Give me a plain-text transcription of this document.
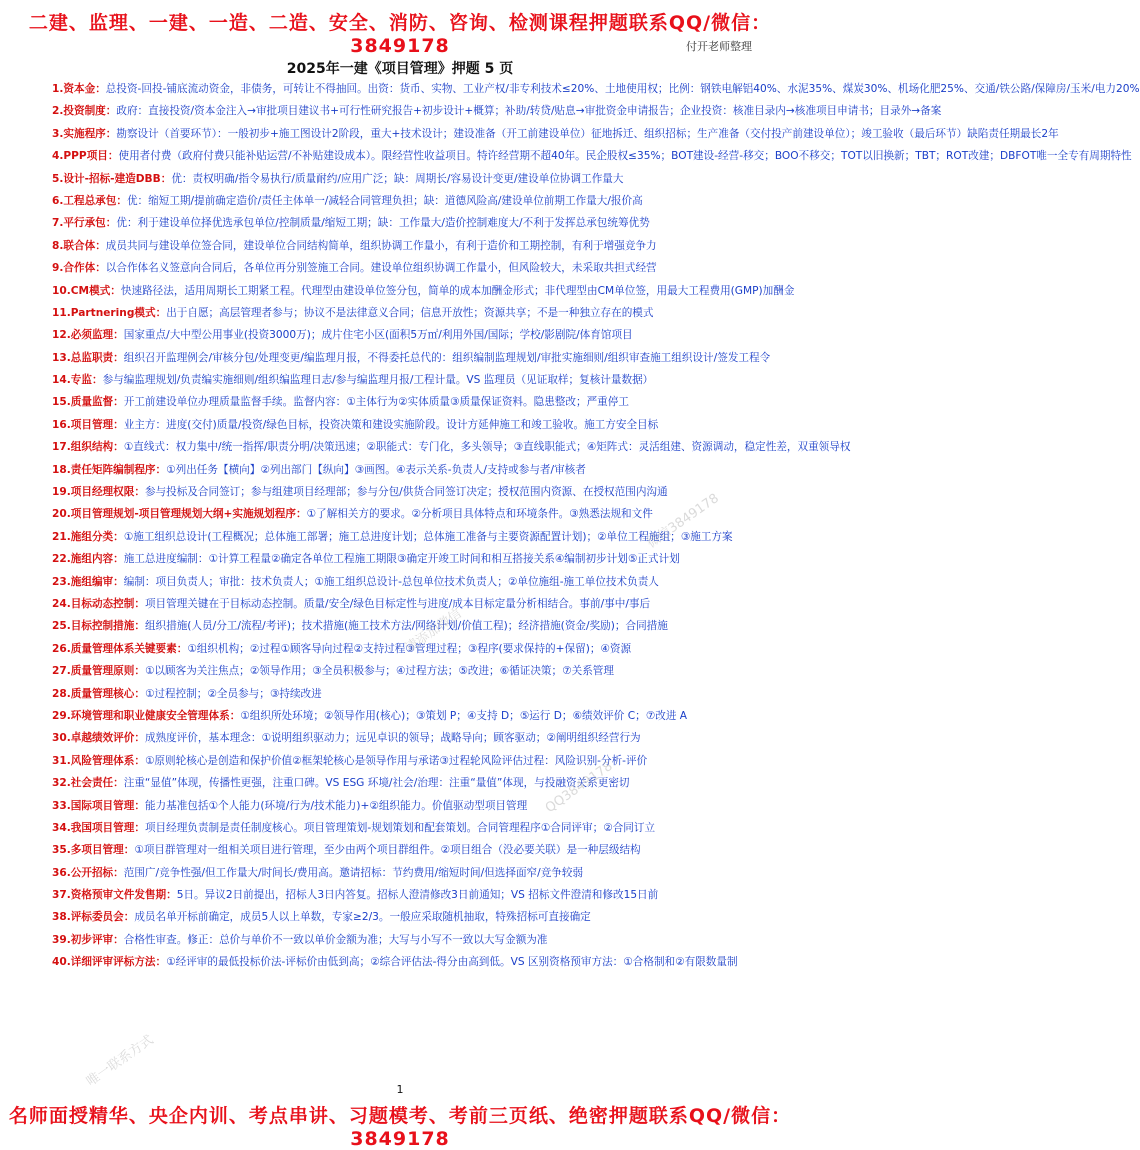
二建、监理、一建、一造、二造、安全、消防、咨询、检测课程押题联系QQ/微信：3849178	付开老师整理
2025年一建《项目管理》押题 5 页
1.资本金：总投资-回投-铺底流动资金，非债务，可转让不得抽回。出资：货币、实物、工业产权/非专利技术≤20%、土地使用权；比例：钢铁电解铝40%、水泥35%、煤炭30%、机场化肥25%、交通/铁公路/保障房/玉米/电力20%
2.投资制度：政府：直接投资/资本金注入→审批项目建议书+可行性研究报告+初步设计+概算；补助/转贷/贴息→审批资金申请报告；企业投资：核准目录内→核准项目申请书；目录外→备案
3.实施程序：勘察设计（首要环节）：一般初步+施工图设计2阶段，重大+技术设计；建设准备（开工前建设单位）征地拆迁、组织招标；生产准备（交付投产前建设单位）；竣工验收（最后环节）缺陷责任期最长2年
4.PPP项目：使用者付费（政府付费只能补贴运营/不补贴建设成本）。限经营性收益项目。特许经营期不超40年。民企股权≤35%；BOT建设-经营-移交；BOO不移交；TOT以旧换新；TBT；ROT改建；DBFOT唯一全专有周期特性
5.设计-招标-建造DBB：优：责权明确/指令易执行/质量耐约/应用广泛；缺：周期长/容易设计变更/建设单位协调工作量大
6.工程总承包：优：缩短工期/提前确定造价/责任主体单一/减轻合同管理负担；缺：道德风险高/建设单位前期工作量大/报价高
7.平行承包：优：利于建设单位择优选承包单位/控制质量/缩短工期；缺：工作量大/造价控制难度大/不利于发挥总承包统筹优势
8.联合体：成员共同与建设单位签合同，建设单位合同结构简单，组织协调工作量小，有利于造价和工期控制，有利于增强竞争力
9.合作体：以合作体名义签意向合同后，各单位再分别签施工合同。建设单位组织协调工作量小，但风险较大，未采取共担式经营
10.CM模式：快速路径法，适用周期长工期紧工程。代理型由建设单位签分包，简单的成本加酬金形式；非代理型由CM单位签，用最大工程费用(GMP)加酬金
11.Partnering模式：出于自愿；高层管理者参与；协议不是法律意义合同；信息开放性；资源共享；不是一种独立存在的模式
12.必须监理：国家重点/大中型公用事业(投资3000万)；成片住宅小区(面积5万㎡/利用外国/国际；学校/影剧院/体育馆项目
13.总监职责：组织召开监理例会/审核分包/处理变更/编监理月报，不得委托总代的：组织编制监理规划/审批实施细则/组织审查施工组织设计/签发工程令
14.专监：参与编监理规划/负责编实施细则/组织编监理日志/参与编监理月报/工程计量。VS 监理员（见证取样；复核计量数据）
15.质量监督：开工前建设单位办理质量监督手续。监督内容：①主体行为②实体质量③质量保证资料。隐患整改；严重停工
16.项目管理：业主方：进度(交付)质量/投资/绿色目标，投资决策和建设实施阶段。设计方延伸施工和竣工验收。施工方安全目标
17.组织结构：①直线式：权力集中/统一指挥/职责分明/决策迅速；②职能式：专门化，多头领导；③直线职能式；④矩阵式：灵活组建、资源调动，稳定性差，双重领导权
18.责任矩阵编制程序：①列出任务【横向】②列出部门【纵向】③画图。④表示关系-负责人/支持或参与者/审核者
19.项目经理权限：参与投标及合同签订；参与组建项目经理部；参与分包/供货合同签订决定；授权范围内资源、在授权范围内沟通
20.项目管理规划-项目管理规划大纲+实施规划程序：①了解相关方的要求。②分析项目具体特点和环境条件。③熟悉法规和文件
21.施组分类：①施工组织总设计(工程概况；总体施工部署；施工总进度计划；总体施工准备与主要资源配置计划)；②单位工程施组；③施工方案
22.施组内容：施工总进度编制：①计算工程量②确定各单位工程施工期限③确定开竣工时间和相互搭接关系④编制初步计划⑤正式计划
23.施组编审：编制：项目负责人；审批：技术负责人；①施工组织总设计-总包单位技术负责人；②单位施组-施工单位技术负责人
24.目标动态控制：项目管理关键在于目标动态控制。质量/安全/绿色目标定性与进度/成本目标定量分析相结合。事前/事中/事后
25.目标控制措施：组织措施(人员/分工/流程/考评)；技术措施(施工技术方法/网络计划/价值工程)；经济措施(资金/奖励)；合同措施
26.质量管理体系关键要素：①组织机构；②过程①顾客导向过程②支持过程③管理过程；③程序(要求保持的+保留)；④资源
27.质量管理原则：①以顾客为关注焦点；②领导作用；③全员积极参与；④过程方法；⑤改进；⑥循证决策；⑦关系管理
28.质量管理核心：①过程控制；②全员参与；③持续改进
29.环境管理和职业健康安全管理体系：①组织所处环境；②领导作用(核心)；③策划 P；④支持 D；⑤运行 D；⑥绩效评价 C；⑦改进 A
30.卓越绩效评价：成熟度评价，基本理念：①说明组织驱动力；远见卓识的领导；战略导向；顾客驱动；②阐明组织经营行为
31.风险管理体系：①原则轮核心是创造和保护价值②框架轮核心是领导作用与承诺③过程轮风险评估过程：风险识别-分析-评价
32.社会责任：注重“显值”体现，传播性更强，注重口碑。VS ESG 环境/社会/治理：注重“量值”体现，与投融资关系更密切
33.国际项目管理：能力基准包括①个人能力(环境/行为/技术能力)+②组织能力。价值驱动型项目管理
34.我国项目管理：项目经理负责制是责任制度核心。项目管理策划-规划策划和配套策划。合同管理程序①合同评审；②合同订立
35.多项目管理：①项目群管理对一组相关项目进行管理，至少由两个项目群组件。②项目组合（没必要关联）是一种层级结构
36.公开招标：范围广/竞争性强/但工作量大/时间长/费用高。邀请招标：节约费用/缩短时间/但选择面窄/竞争较弱
37.资格预审文件发售期：5日。异议2日前提出，招标人3日内答复。招标人澄清修改3日前通知；VS 招标文件澄清和修改15日前
38.评标委员会：成员名单开标前确定，成员5人以上单数，专家≥2/3。一般应采取随机抽取，特殊招标可直接确定
39.初步评审：合格性审查。修正：总价与单价不一致以单价金额为准；大写与小写不一致以大写金额为准
40.详细评审评标方法：①经评审的最低投标价法-评标价由低到高；②综合评估法-得分由高到低。VS 区别资格预审方法：①合格制和②有限数量制
微信3849178
QQ3849178
请添加微信
唯一联系方式	1
名师面授精华、央企内训、考点串讲、习题模考、考前三页纸、绝密押题联系QQ/微信：3849178
